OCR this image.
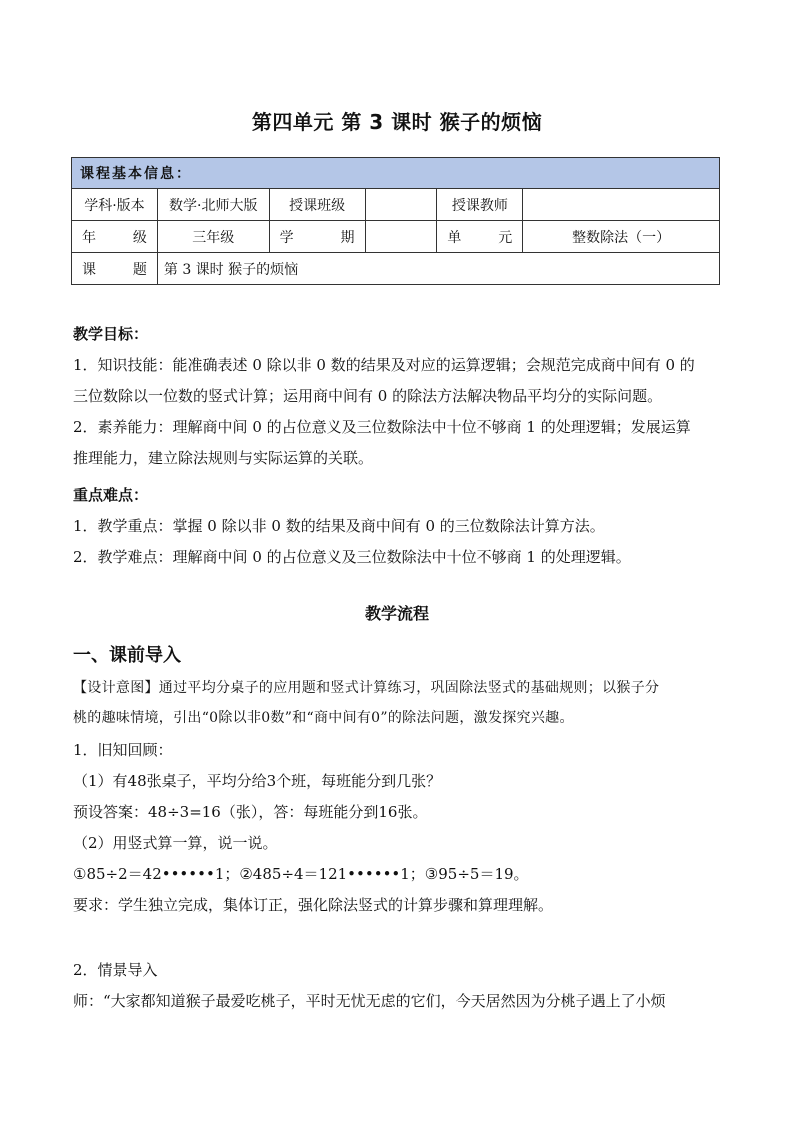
第四单元 第 3 课时 猴子的烦恼
课程基本信息：					
学科·版本	数学·北师大版	授课班级		授课教师	
年 级	三年级	学 期		单 元	整数除法（一）
课 题	第 3 课时 猴子的烦恼				
教学目标：
1．知识技能：能准确表述 0 除以非 0 数的结果及对应的运算逻辑；会规范完成商中间有 0 的
三位数除以一位数的竖式计算；运用商中间有 0 的除法方法解决物品平均分的实际问题。
2．素养能力：理解商中间 0 的占位意义及三位数除法中十位不够商 1 的处理逻辑；发展运算
推理能力，建立除法规则与实际运算的关联。
重点难点：
1．教学重点：掌握 0 除以非 0 数的结果及商中间有 0 的三位数除法计算方法。
2．教学难点：理解商中间 0 的占位意义及三位数除法中十位不够商 1 的处理逻辑。
教学流程
一、课前导入
【设计意图】通过平均分桌子的应用题和竖式计算练习，巩固除法竖式的基础规则；以猴子分
桃的趣味情境，引出“0除以非0数”和“商中间有0”的除法问题，激发探究兴趣。
1．旧知回顾：
（1）有48张桌子，平均分给3个班，每班能分到几张？
预设答案：48÷3=16（张），答：每班能分到16张。
（2）用竖式算一算，说一说。
①85÷2＝42••••••1；②485÷4＝121••••••1；③95÷5＝19。
要求：学生独立完成，集体订正，强化除法竖式的计算步骤和算理理解。
2．情景导入
师：“大家都知道猴子最爱吃桃子，平时无忧无虑的它们，今天居然因为分桃子遇上了小烦
